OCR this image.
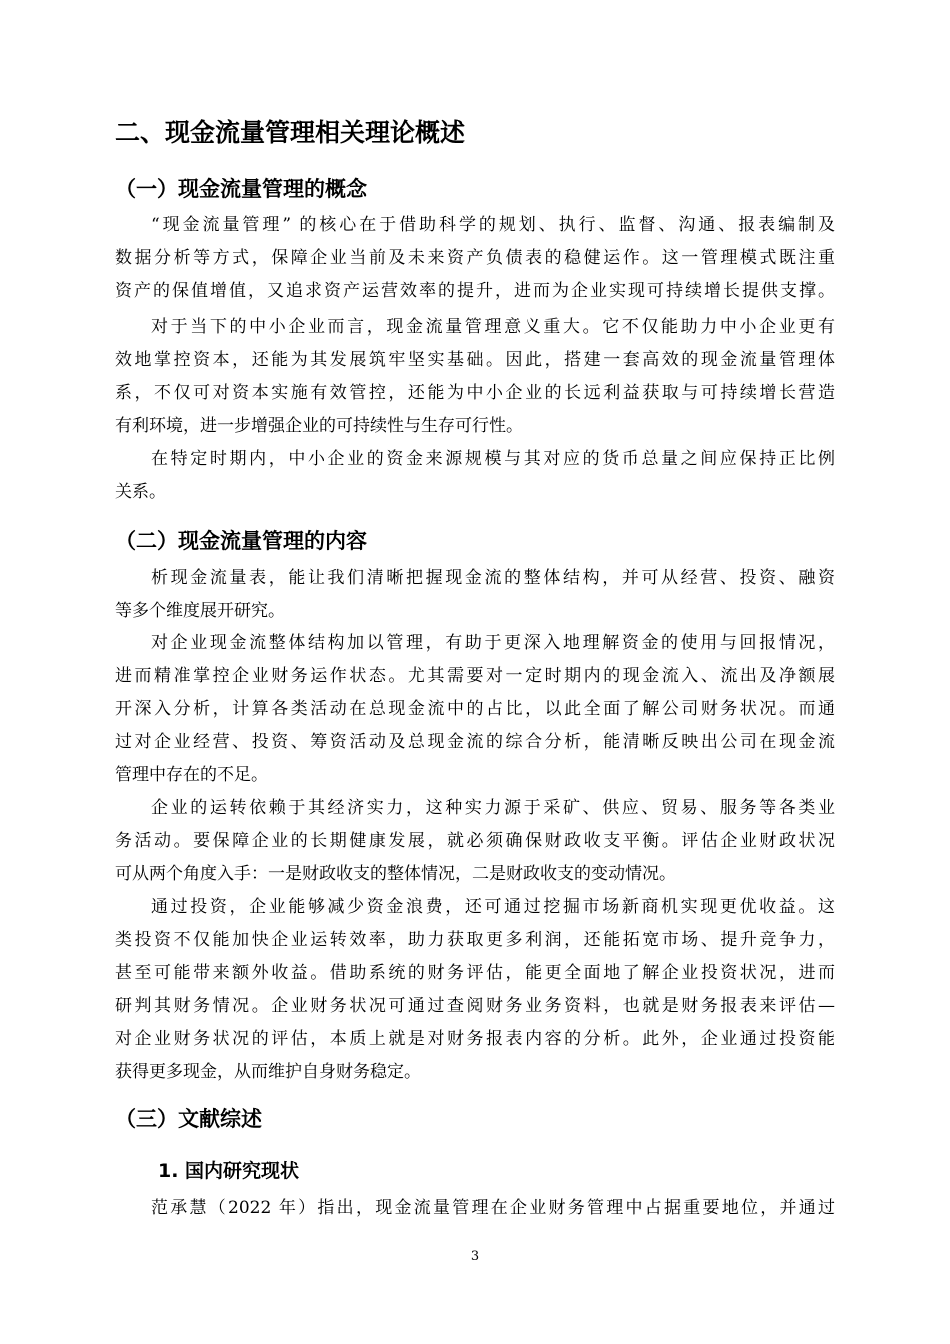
二、现金流量管理相关理论概述
（一）现金流量管理的概念
“现金流量管理” 的核心在于借助科学的规划、执行、监督、沟通、报表编制及
数据分析等方式，保障企业当前及未来资产负债表的稳健运作。这一管理模式既注重
资产的保值增值，又追求资产运营效率的提升，进而为企业实现可持续增长提供支撑。
对于当下的中小企业而言，现金流量管理意义重大。它不仅能助力中小企业更有
效地掌控资本，还能为其发展筑牢坚实基础。因此，搭建一套高效的现金流量管理体
系，不仅可对资本实施有效管控，还能为中小企业的长远利益获取与可持续增长营造
有利环境，进一步增强企业的可持续性与生存可行性。
在特定时期内，中小企业的资金来源规模与其对应的货币总量之间应保持正比例
关系。
（二）现金流量管理的内容
析现金流量表，能让我们清晰把握现金流的整体结构，并可从经营、投资、融资
等多个维度展开研究。
对企业现金流整体结构加以管理，有助于更深入地理解资金的使用与回报情况，
进而精准掌控企业财务运作状态。尤其需要对一定时期内的现金流入、流出及净额展
开深入分析，计算各类活动在总现金流中的占比，以此全面了解公司财务状况。而通
过对企业经营、投资、筹资活动及总现金流的综合分析，能清晰反映出公司在现金流
管理中存在的不足。
企业的运转依赖于其经济实力，这种实力源于采矿、供应、贸易、服务等各类业
务活动。要保障企业的长期健康发展，就必须确保财政收支平衡。评估企业财政状况
可从两个角度入手：一是财政收支的整体情况，二是财政收支的变动情况。
通过投资，企业能够减少资金浪费，还可通过挖掘市场新商机实现更优收益。这
类投资不仅能加快企业运转效率，助力获取更多利润，还能拓宽市场、提升竞争力，
甚至可能带来额外收益。借助系统的财务评估，能更全面地了解企业投资状况，进而
研判其财务情况。企业财务状况可通过查阅财务业务资料，也就是财务报表来评估—
对企业财务状况的评估，本质上就是对财务报表内容的分析。此外，企业通过投资能
获得更多现金，从而维护自身财务稳定。
（三）文献综述
1. 国内研究现状
范承慧（2022 年）指出，现金流量管理在企业财务管理中占据重要地位，并通过
3
